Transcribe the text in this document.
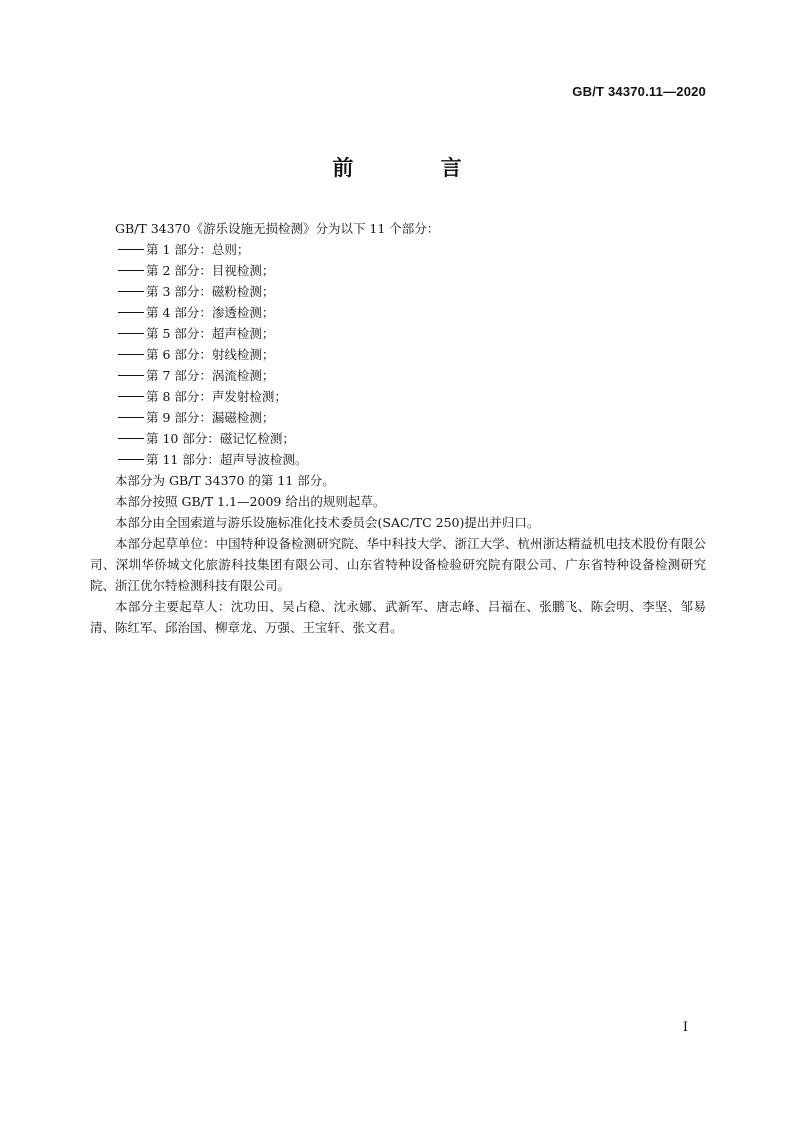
GB/T 34370.11—2020
前 言

GB/T 34370《游乐设施无损检测》分为以下 11 个部分：

第 1 部分：总则；

第 2 部分：目视检测；

第 3 部分：磁粉检测；

第 4 部分：渗透检测；

第 5 部分：超声检测；

第 6 部分：射线检测；

第 7 部分：涡流检测；

第 8 部分：声发射检测；

第 9 部分：漏磁检测；

第 10 部分：磁记忆检测；

第 11 部分：超声导波检测。

本部分为 GB/T 34370 的第 11 部分。

本部分按照 GB/T 1.1—2009 给出的规则起草。

本部分由全国索道与游乐设施标准化技术委员会(SAC/TC 250)提出并归口。

本部分起草单位：中国特种设备检测研究院、华中科技大学、浙江大学、杭州浙达精益机电技术股份有限公司、深圳华侨城文化旅游科技集团有限公司、山东省特种设备检验研究院有限公司、广东省特种设备检测研究院、浙江优尔特检测科技有限公司。

本部分主要起草人：沈功田、吴占稳、沈永娜、武新军、唐志峰、吕福在、张鹏飞、陈会明、李坚、邹易清、陈红军、邱治国、柳章龙、万强、王宝轩、张文君。

I
